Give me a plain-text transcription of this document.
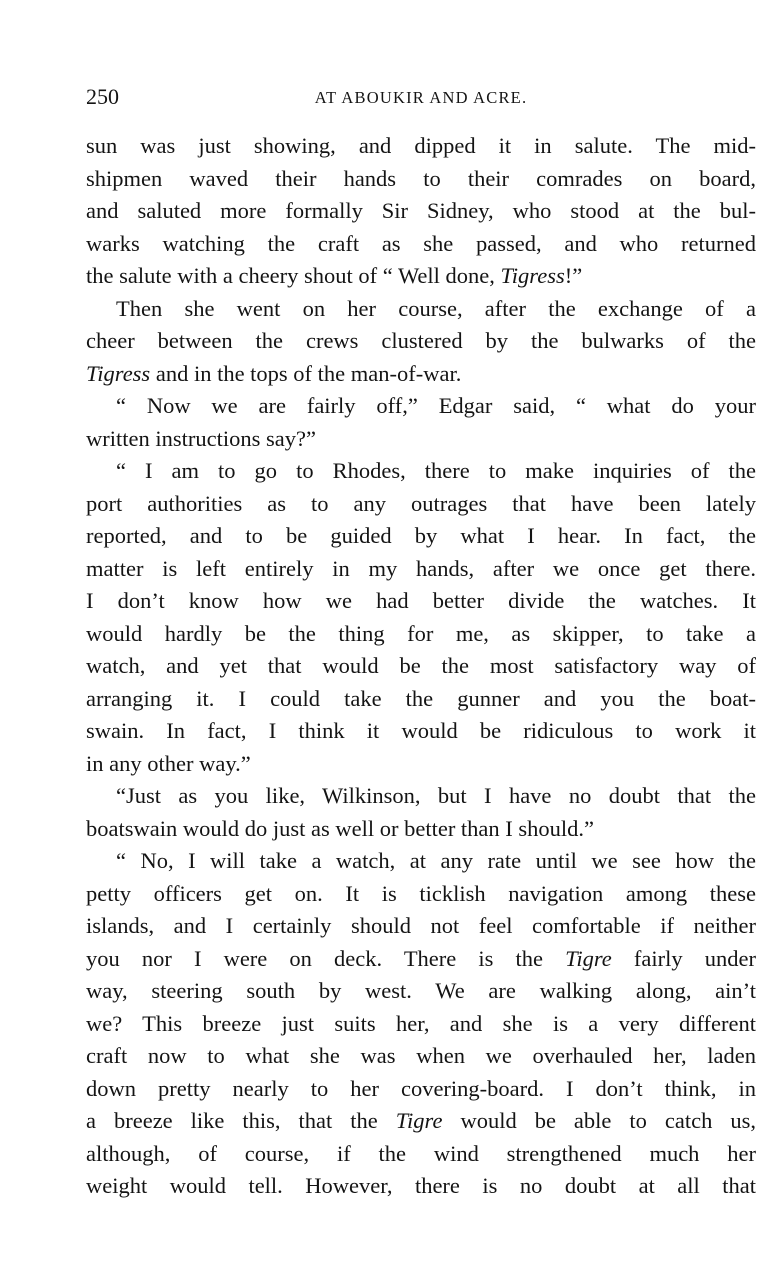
250	AT ABOUKIR AND ACRE.
sun was just showing, and dipped it in salute. The mid-
shipmen waved their hands to their comrades on board,
and saluted more formally Sir Sidney, who stood at the bul-
warks watching the craft as she passed, and who returned
the salute with a cheery shout of “ Well done, Tigress!”
Then she went on her course, after the exchange of a
cheer between the crews clustered by the bulwarks of the
Tigress and in the tops of the man-of-war.
“ Now we are fairly off,” Edgar said, “ what do your
written instructions say?”
“ I am to go to Rhodes, there to make inquiries of the
port authorities as to any outrages that have been lately
reported, and to be guided by what I hear. In fact, the
matter is left entirely in my hands, after we once get there.
I don’t know how we had better divide the watches. It
would hardly be the thing for me, as skipper, to take a
watch, and yet that would be the most satisfactory way of
arranging it. I could take the gunner and you the boat-
swain. In fact, I think it would be ridiculous to work it
in any other way.”
“Just as you like, Wilkinson, but I have no doubt that the
boatswain would do just as well or better than I should.”
“ No, I will take a watch, at any rate until we see how the
petty officers get on. It is ticklish navigation among these
islands, and I certainly should not feel comfortable if neither
you nor I were on deck. There is the Tigre fairly under
way, steering south by west. We are walking along, ain’t
we? This breeze just suits her, and she is a very different
craft now to what she was when we overhauled her, laden
down pretty nearly to her covering-board. I don’t think, in
a breeze like this, that the Tigre would be able to catch us,
although, of course, if the wind strengthened much her
weight would tell. However, there is no doubt at all that
